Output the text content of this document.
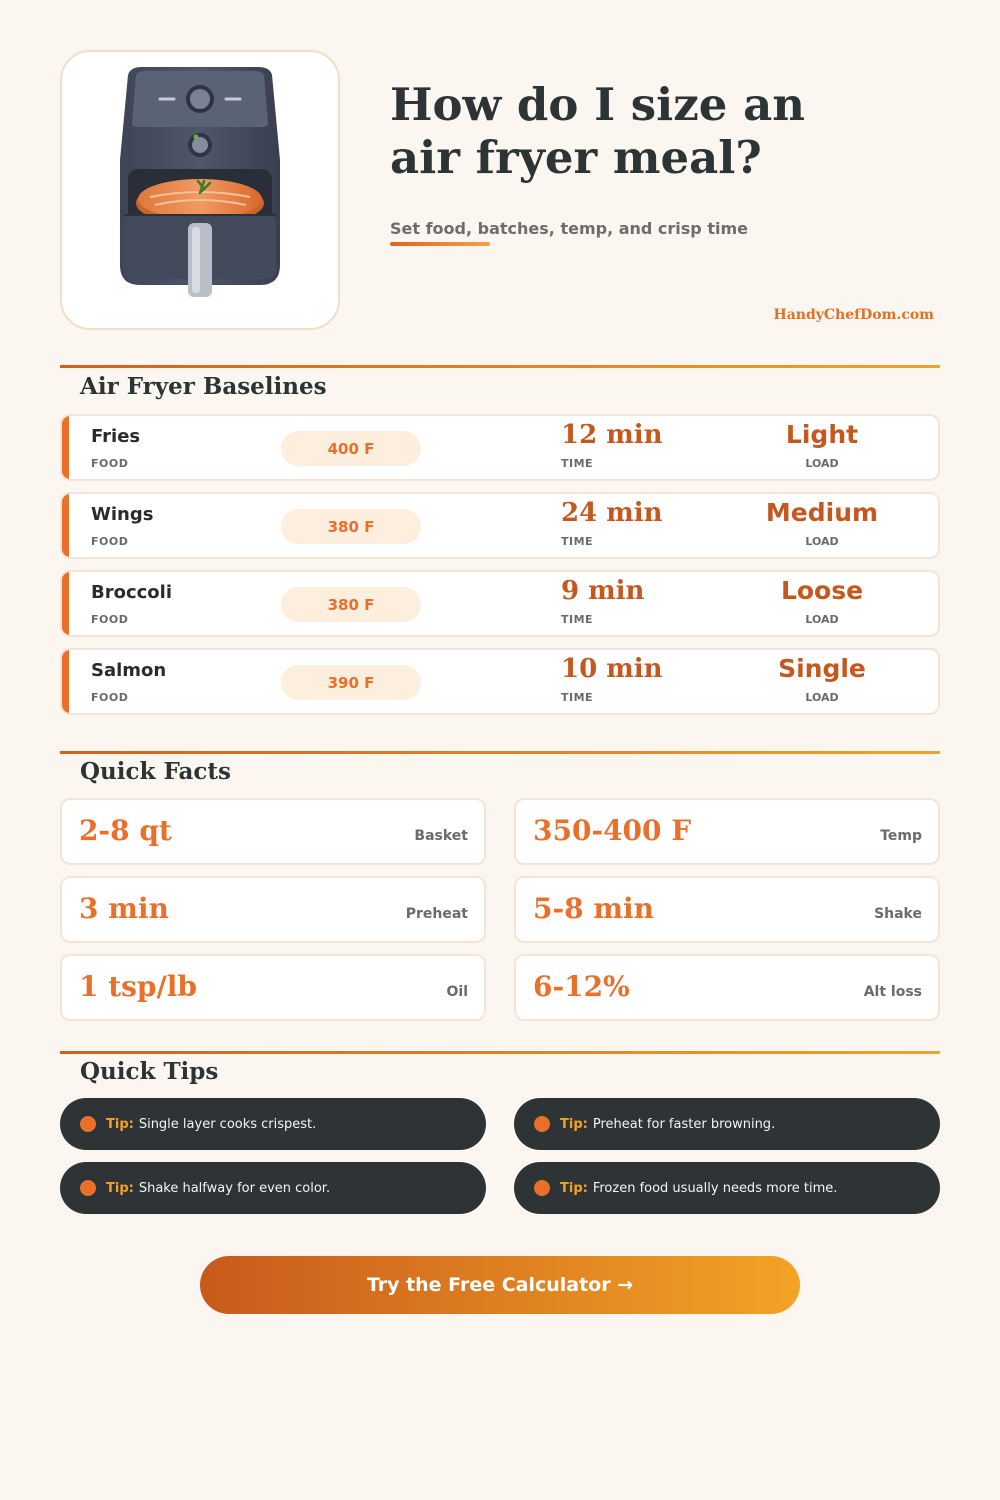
How do I size an
air fryer meal?
Set food, batches, temp, and crisp time
HandyChefDom.com
Air Fryer Baselines
Fries
FOOD
400 F	12 min
TIME
Light
LOAD
Wings
FOOD
380 F	24 min
TIME
Medium
LOAD
Broccoli
FOOD
380 F	9 min
TIME
Loose
LOAD
Salmon
FOOD
390 F	10 min
TIME
Single
LOAD
Quick Facts
2-8 qt	Basket 350-400 F	Temp
3 min	Preheat 5-8 min	Shake
1 tsp/lb	Oil 6-12%	Alt loss
Quick Tips
Tip: Single layer cooks crispest.	Tip: Preheat for faster browning.
Tip: Shake halfway for even color.	Tip: Frozen food usually needs more time.
Try the Free Calculator →
